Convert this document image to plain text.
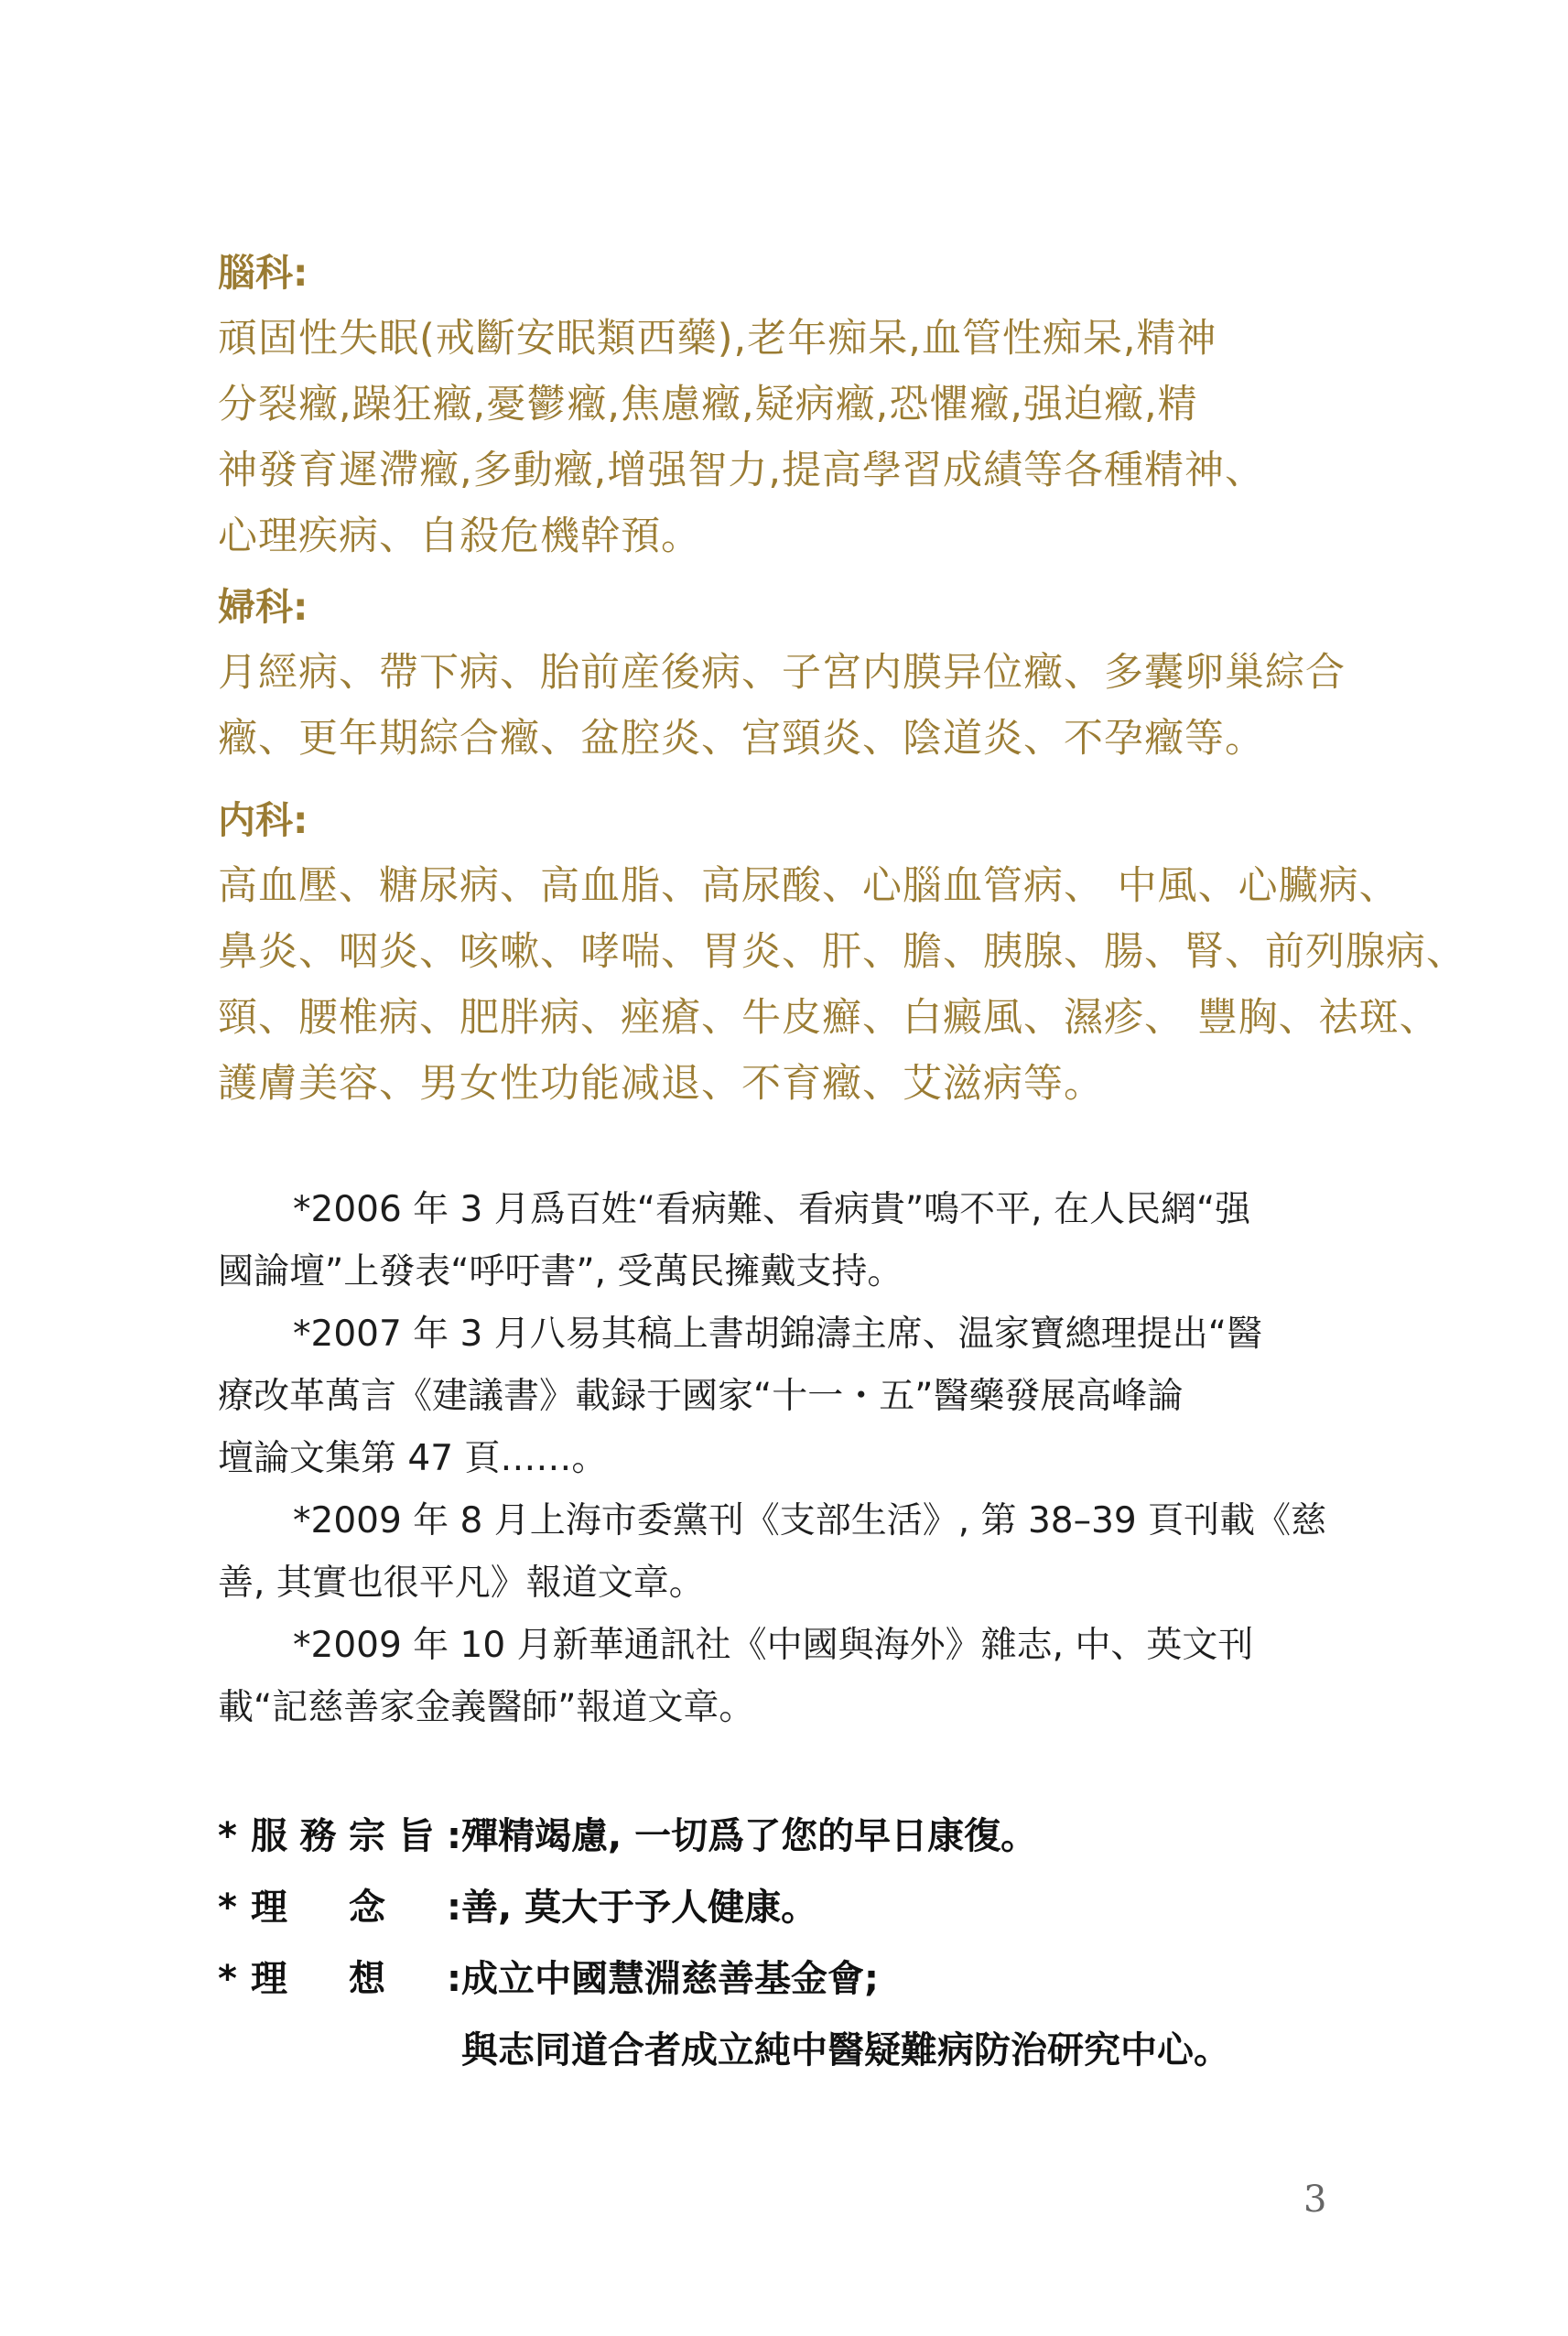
腦科:
頑固性失眠(戒斷安眠類西藥),老年痴呆,血管性痴呆,精神
分裂癥,躁狂癥,憂鬱癥,焦慮癥,疑病癥,恐懼癥,强迫癥,精
神發育遲滯癥,多動癥,增强智力,提高學習成績等各種精神、
心理疾病、自殺危機幹預。
婦科:
月經病、帶下病、胎前産後病、子宮内膜异位癥、多囊卵巢綜合
癥、更年期綜合癥、盆腔炎、宫頸炎、陰道炎、不孕癥等。
内科:
高血壓、糖尿病、高血脂、高尿酸、心腦血管病、 中風、心臟病、
鼻炎、咽炎、咳嗽、哮喘、胃炎、肝、膽、胰腺、腸、腎、前列腺病、
頸、腰椎病、肥胖病、痤瘡、牛皮癬、白癜風、濕疹、 豐胸、祛斑、
護膚美容、男女性功能减退、不育癥、艾滋病等。

*2006 年 3 月爲百姓“看病難、看病貴”鳴不平, 在人民網“强
國論壇”上發表“呼吁書”, 受萬民擁戴支持。

*2007 年 3 月八易其稿上書胡錦濤主席、温家寶總理提出“醫
療改革萬言《建議書》載録于國家“十一・五”醫藥發展高峰論
壇論文集第 47 頁……。

*2009 年 8 月上海市委黨刊《支部生活》, 第 38–39 頁刊載《慈
善, 其實也很平凡》報道文章。

*2009 年 10 月新華通訊社《中國與海外》雜志, 中、英文刊
載“記慈善家金義醫師”報道文章。

* 服 務 宗 旨 : 殫精竭慮, 一切爲了您的早日康復。
* 理 念 : 善, 莫大于予人健康。
* 理 想 : 成立中國慧淵慈善基金會;
與志同道合者成立純中醫疑難病防治研究中心。
3
